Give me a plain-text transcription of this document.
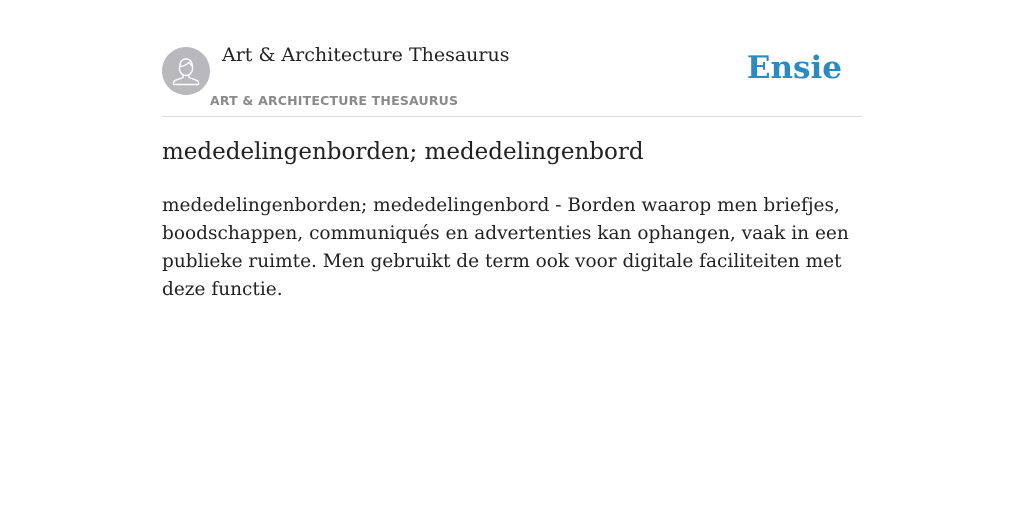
Art & Architecture Thesaurus
ART & ARCHITECTURE THESAURUS
Ensie
mededelingenborden; mededelingenbord

mededelingenborden; mededelingenbord - Borden waarop men briefjes, boodschappen, communiqués en advertenties kan ophangen, vaak in een publieke ruimte. Men gebruikt de term ook voor digitale faciliteiten met deze functie.
